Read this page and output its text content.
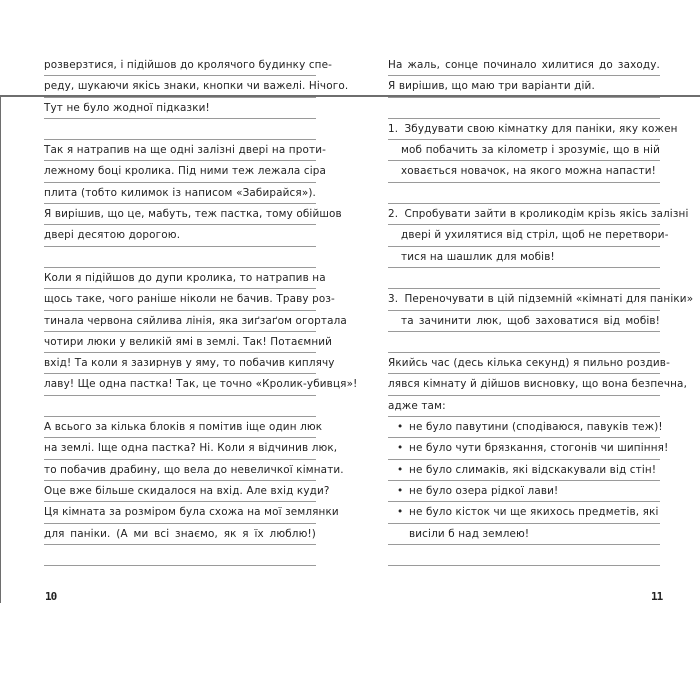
розверзтися, і підійшов до кролячого будинку спе-
реду, шукаючи якісь знаки, кнопки чи важелі. Нічого.
Тут не було жодної підказки!
Так я натрапив на ще одні залізні двері на проти-
лежному боці кролика. Під ними теж лежала сіра
плита (тобто килимок із написом «Забирайся»).
Я вирішив, що це, мабуть, теж пастка, тому обійшов
двері десятою дорогою.
Коли я підійшов до дупи кролика, то натрапив на
щось таке, чого раніше ніколи не бачив. Траву роз-
тинала червона сяйлива лінія, яка зиґзаґом огортала
чотири люки у великій ямі в землі. Так! Потаємний
вхід! Та коли я зазирнув у яму, то побачив киплячу
лаву! Ще одна пастка! Так, це точно «Кролик-убивця»!
А всього за кілька блоків я помітив іще один люк
на землі. Іще одна пастка? Ні. Коли я відчинив люк,
то побачив драбину, що вела до невеличкої кімнати.
Оце вже більше скидалося на вхід. Але вхід куди?
Ця кімната за розміром була схожа на мої землянки
для паніки. (А ми всі знаємо, як я їх люблю!)
10
На жаль, сонце починало хилитися до заходу.
Я вирішив, що маю три варіанти дій.
1. Збудувати свою кімнатку для паніки, яку кожен
моб побачить за кілометр і зрозуміє, що в ній
ховається новачок, на якого можна напасти!
2. Спробувати зайти в кроликодім крізь якісь залізні
двері й ухилятися від стріл, щоб не перетвори-
тися на шашлик для мобів!
3. Переночувати в цій підземній «кімнаті для паніки»
та зачинити люк, щоб заховатися від мобів!
Якийсь час (десь кілька секунд) я пильно роздив-
лявся кімнату й дійшов висновку, що вона безпечна,
адже там:
• не було павутини (сподіваюся, павуків теж)!
• не було чути брязкання, стогонів чи шипіння!
• не було слимаків, які відскакували від стін!
• не було озера рідкої лави!
• не було кісток чи ще якихось предметів, які
висіли б над землею!
11
